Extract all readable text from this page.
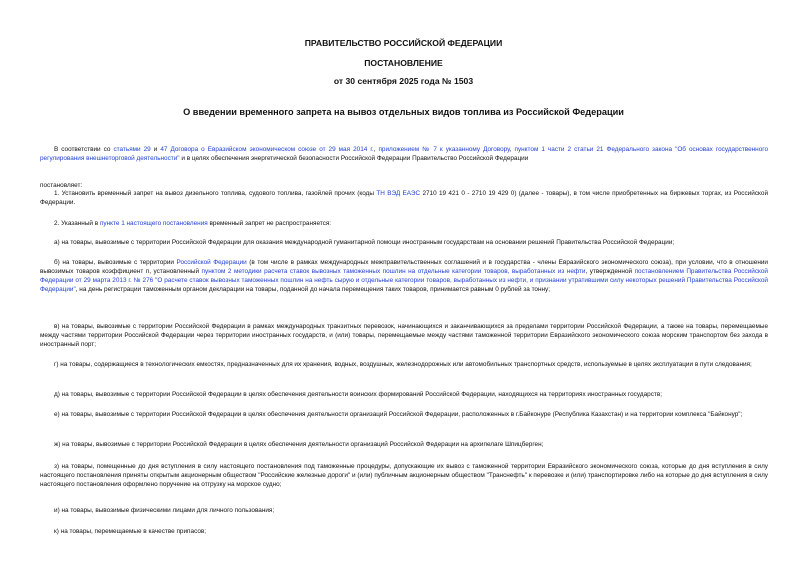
ПРАВИТЕЛЬСТВО РОССИЙСКОЙ ФЕДЕРАЦИИ
ПОСТАНОВЛЕНИЕ
от 30 сентября 2025 года № 1503
О введении временного запрета на вывоз отдельных видов топлива из Российской Федерации

В соответствии со статьями 29 и 47 Договора о Евразийском экономическом союзе от 29 мая 2014 г., приложением № 7 к указанному Договору, пунктом 1 части 2 статьи 21 Федерального закона "Об основах государственного регулирования внешнеторговой деятельности" и в целях обеспечения энергетической безопасности Российской Федерации Правительство Российской Федерации

постановляет:

1. Установить временный запрет на вывоз дизельного топлива, судового топлива, газойлей прочих (коды ТН ВЭД ЕАЭС 2710 19 421 0 - 2710 19 429 0) (далее - товары), в том числе приобретенных на биржевых торгах, из Российской Федерации.

2. Указанный в пункте 1 настоящего постановления временный запрет не распространяется:

а) на товары, вывозимые с территории Российской Федерации для оказания международной гуманитарной помощи иностранным государствам на основании решений Правительства Российской Федерации;

б) на товары, вывозимые с территории Российской Федерации (в том числе в рамках международных межправительственных соглашений и в государства - члены Евразийского экономического союза), при условии, что в отношении вывозимых товаров коэффициент п, установленный пунктом 2 методики расчета ставок вывозных таможенных пошлин на отдельные категории товаров, выработанных из нефти, утвержденной постановлением Правительства Российской Федерации от 29 марта 2013 г. № 276 "О расчете ставок вывозных таможенных пошлин на нефть сырую и отдельные категории товаров, выработанных из нефти, и признании утратившими силу некоторых решений Правительства Российской Федерации", на день регистрации таможенным органом декларации на товары, поданной до начала перемещения таких товаров, принимается равным 0 рублей за тонну;

в) на товары, вывозимые с территории Российской Федерации в рамках международных транзитных перевозок, начинающихся и заканчивающихся за пределами территории Российской Федерации, а также на товары, перемещаемые между частями территории Российской Федерации через территории иностранных государств, и (или) товары, перемещаемые между частями таможенной территории Евразийского экономического союза морским транспортом без захода в иностранный порт;

г) на товары, содержащиеся в технологических емкостях, предназначенных для их хранения, водных, воздушных, железнодорожных или автомобильных транспортных средств, используемые в целях эксплуатации в пути следования;

д) на товары, вывозимые с территории Российской Федерации в целях обеспечения деятельности воинских формирований Российской Федерации, находящихся на территориях иностранных государств;

е) на товары, вывозимые с территории Российской Федерации в целях обеспечения деятельности организаций Российской Федерации, расположенных в г.Байконуре (Республика Казахстан) и на территории комплекса "Байконур";

ж) на товары, вывозимые с территории Российской Федерации в целях обеспечения деятельности организаций Российской Федерации на архипелаге Шпицберген;

з) на товары, помещенные до дня вступления в силу настоящего постановления под таможенные процедуры, допускающие их вывоз с таможенной территории Евразийского экономического союза, которые до дня вступления в силу настоящего постановления приняты открытым акционерным обществом "Российские железные дороги" и (или) публичным акционерным обществом "Транснефть" к перевозке и (или) транспортировке либо на которые до дня вступления в силу настоящего постановления оформлено поручение на отгрузку на морское судно;

и) на товары, вывозимые физическими лицами для личного пользования;

к) на товары, перемещаемые в качестве припасов;
